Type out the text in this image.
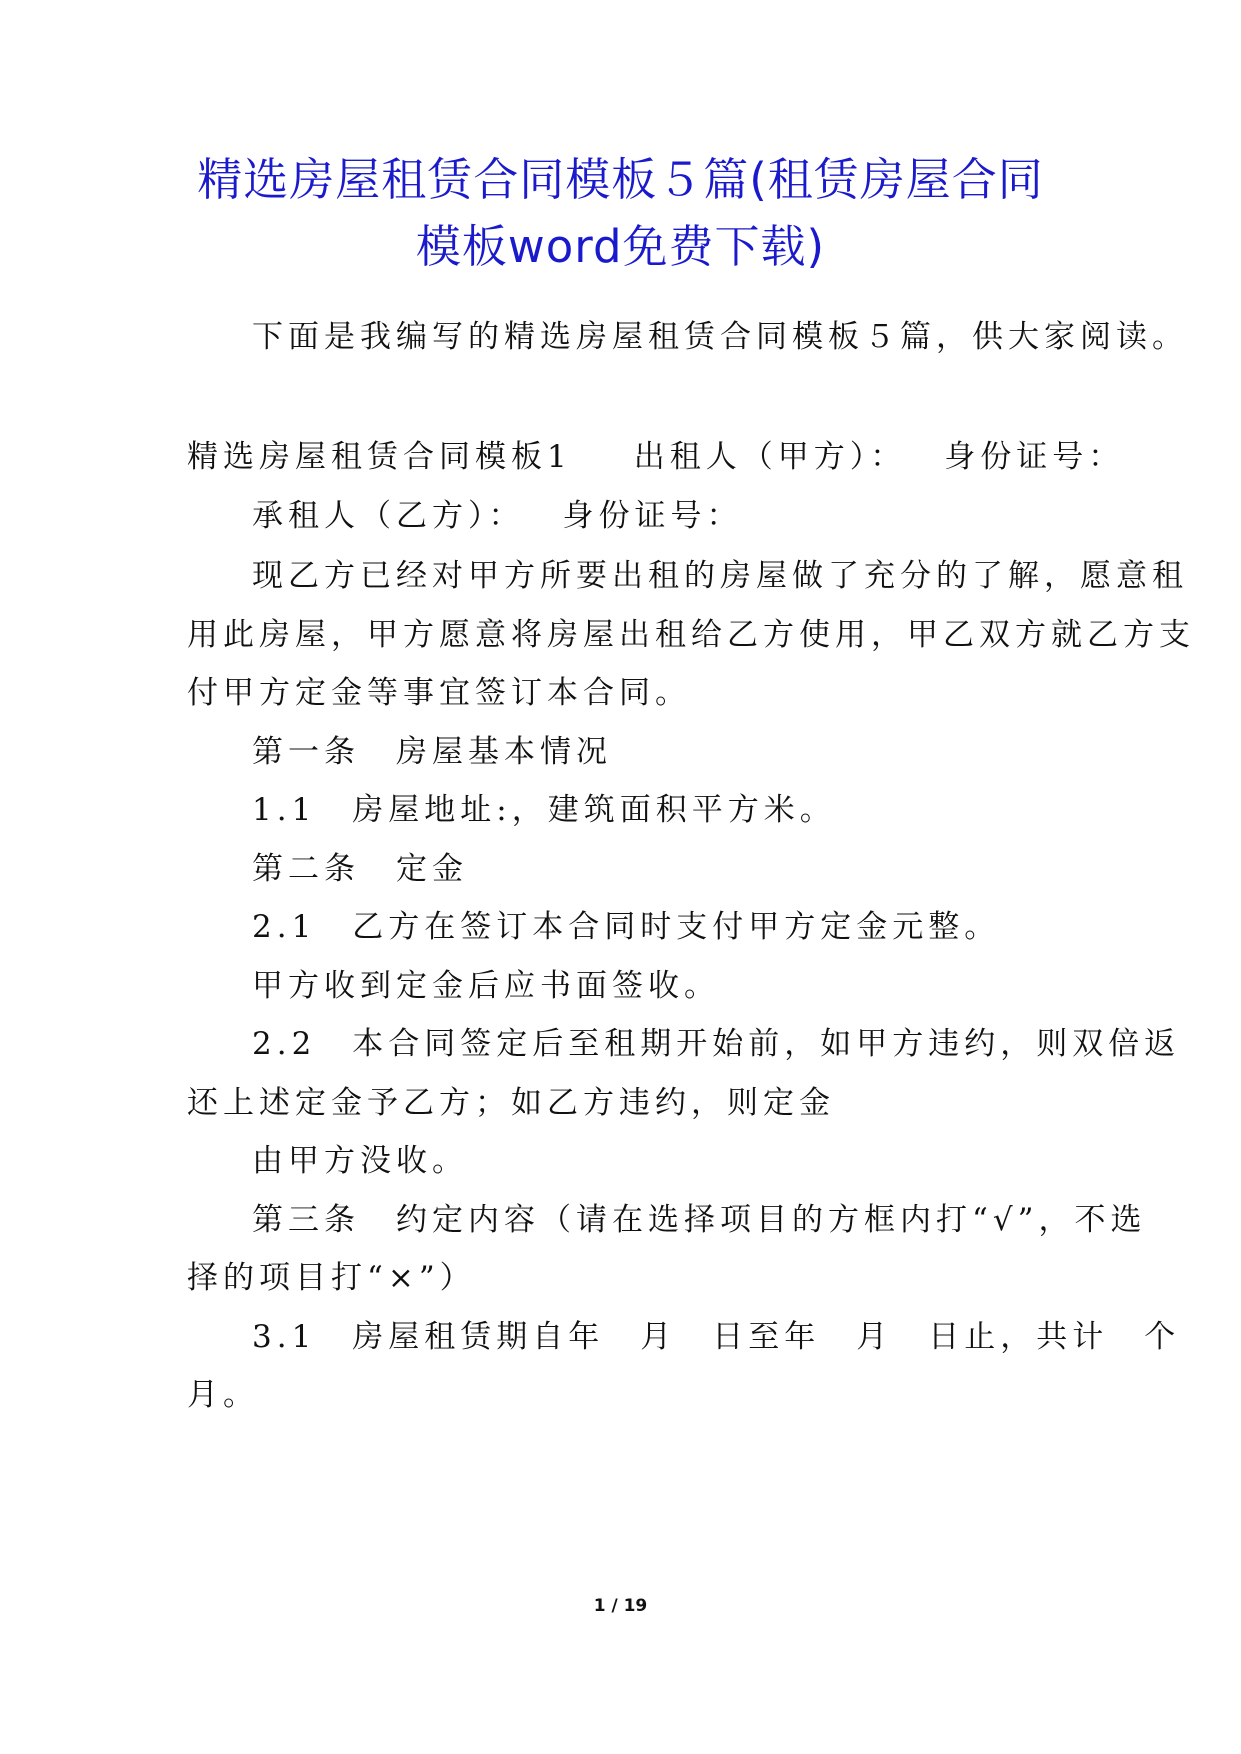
精选房屋租赁合同模板５篇(租赁房屋合同
模板word免费下载)

下面是我编写的精选房屋租赁合同模板５篇，供大家阅读。

精选房屋租赁合同模板1 出租人（甲方）： 身份证号：

承租人（乙方）： 身份证号：

现乙方已经对甲方所要出租的房屋做了充分的了解，愿意租

用此房屋，甲方愿意将房屋出租给乙方使用，甲乙双方就乙方支

付甲方定金等事宜签订本合同。

第一条　房屋基本情况

1.1　房屋地址:，建筑面积平方米。

第二条　定金

2.1　乙方在签订本合同时支付甲方定金元整。

甲方收到定金后应书面签收。

2.2　本合同签定后至租期开始前，如甲方违约，则双倍返

还上述定金予乙方；如乙方违约，则定金

由甲方没收。

第三条　约定内容（请在选择项目的方框内打“√”，不选

择的项目打“×”）

3.1　房屋租赁期自年　月　日至年　月　日止，共计　个

月。

1 / 19
